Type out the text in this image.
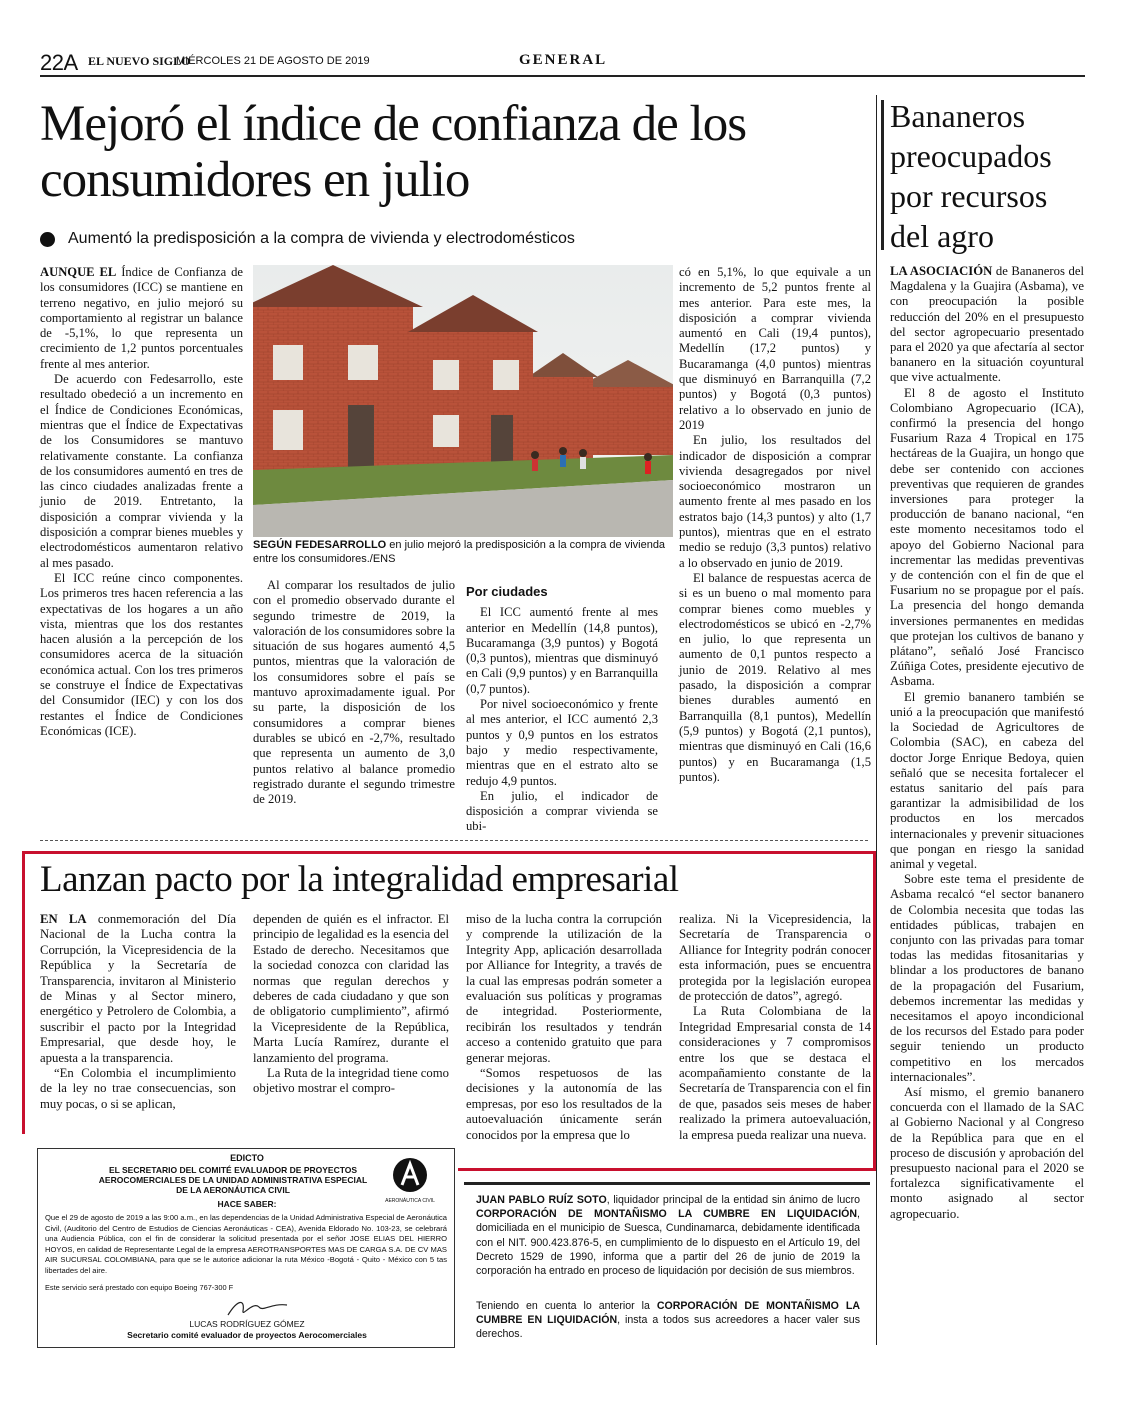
22A EL NUEVO SIGLO
MIÉRCOLES 21 DE AGOSTO DE 2019	GENERAL
Mejoró el índice de confianza de los consumidores en julio
Aumentó la predisposición a la compra de vivienda y electrodomésticos

AUNQUE EL Índice de Confianza de los consumidores (ICC) se mantiene en terreno negativo, en julio mejoró su comportamiento al registrar un balance de -5,1%, lo que representa un crecimiento de 1,2 puntos porcentuales frente al mes anterior.

De acuerdo con Fedesarrollo, este resultado obedeció a un incremento en el Índice de Condiciones Económicas, mientras que el Índice de Expectativas de los Consumidores se mantuvo relativamente constante. La confianza de los consumidores aumentó en tres de las cinco ciudades analizadas frente a junio de 2019. Entretanto, la disposición a comprar vivienda y la disposición a comprar bienes muebles y electrodomésticos aumentaron relativo al mes pasado.

El ICC reúne cinco componentes. Los primeros tres hacen referencia a las expectativas de los hogares a un año vista, mientras que los dos restantes hacen alusión a la percepción de los consumidores acerca de la situación económica actual. Con los tres primeros se construye el Índice de Expectativas del Consumidor (IEC) y con los dos restantes el Índice de Condiciones Económicas (ICE).

SEGÚN FEDESARROLLO en julio mejoró la predisposición a la compra de vivienda entre los consumidores./ENS

Al comparar los resultados de julio con el promedio observado durante el segundo trimestre de 2019, la valoración de los consumidores sobre la situación de sus hogares aumentó 4,5 puntos, mientras que la valoración de los consumidores sobre el país se mantuvo aproximadamente igual. Por su parte, la disposición de los consumidores a comprar bienes durables se ubicó en -2,7%, resultado que representa un aumento de 3,0 puntos relativo al balance promedio registrado durante el segundo trimestre de 2019.

Por ciudades

El ICC aumentó frente al mes anterior en Medellín (14,8 puntos), Bucaramanga (3,9 puntos) y Bogotá (0,3 puntos), mientras que disminuyó en Cali (9,9 puntos) y en Barranquilla (0,7 puntos).

Por nivel socioeconómico y frente al mes anterior, el ICC aumentó 2,3 puntos y 0,9 puntos en los estratos bajo y medio respectivamente, mientras que en el estrato alto se redujo 4,9 puntos.

En julio, el indicador de disposición a comprar vivienda se ubi-

có en 5,1%, lo que equivale a un incremento de 5,2 puntos frente al mes anterior. Para este mes, la disposición a comprar vivienda aumentó en Cali (19,4 puntos), Medellín (17,2 puntos) y Bucaramanga (4,0 puntos) mientras que disminuyó en Barranquilla (7,2 puntos) y Bogotá (0,3 puntos) relativo a lo observado en junio de 2019

En julio, los resultados del indicador de disposición a comprar vivienda desagregados por nivel socioeconómico mostraron un aumento frente al mes pasado en los estratos bajo (14,3 puntos) y alto (1,7 puntos), mientras que en el estrato medio se redujo (3,3 puntos) relativo a lo observado en junio de 2019.

El balance de respuestas acerca de si es un bueno o mal momento para comprar bienes como muebles y electrodomésticos se ubicó en -2,7% en julio, lo que representa un aumento de 0,1 puntos respecto a junio de 2019. Relativo al mes pasado, la disposición a comprar bienes durables aumentó en Barranquilla (8,1 puntos), Medellín (5,9 puntos) y Bogotá (2,1 puntos), mientras que disminuyó en Cali (16,6 puntos) y en Bucaramanga (1,5 puntos).

Bananeros preocupados por recursos del agro

LA ASOCIACIÓN de Bananeros del Magdalena y la Guajira (Asbama), ve con preocupación la posible reducción del 20% en el presupuesto del sector agropecuario presentado para el 2020 ya que afectaría al sector bananero en la situación coyuntural que vive actualmente.

El 8 de agosto el Instituto Colombiano Agropecuario (ICA), confirmó la presencia del hongo Fusarium Raza 4 Tropical en 175 hectáreas de la Guajira, un hongo que debe ser contenido con acciones preventivas que requieren de grandes inversiones para proteger la producción de banano nacional, “en este momento necesitamos todo el apoyo del Gobierno Nacional para incrementar las medidas preventivas y de contención con el fin de que el Fusarium no se propague por el país. La presencia del hongo demanda inversiones permanentes en medidas que protejan los cultivos de banano y plátano”, señaló José Francisco Zúñiga Cotes, presidente ejecutivo de Asbama.

El gremio bananero también se unió a la preocupación que manifestó la Sociedad de Agricultores de Colombia (SAC), en cabeza del doctor Jorge Enrique Bedoya, quien señaló que se necesita fortalecer el estatus sanitario del país para garantizar la admisibilidad de los productos en los mercados internacionales y prevenir situaciones que pongan en riesgo la sanidad animal y vegetal.

Sobre este tema el presidente de Asbama recalcó “el sector bananero de Colombia necesita que todas las entidades públicas, trabajen en conjunto con las privadas para tomar todas las medidas fitosanitarias y blindar a los productores de banano de la propagación del Fusarium, debemos incrementar las medidas y necesitamos el apoyo incondicional de los recursos del Estado para poder seguir teniendo un producto competitivo en los mercados internacionales”.

Así mismo, el gremio bananero concuerda con el llamado de la SAC al Gobierno Nacional y al Congreso de la República para que en el proceso de discusión y aprobación del presupuesto nacional para el 2020 se fortalezca significativamente el monto asignado al sector agropecuario.

Lanzan pacto por la integralidad empresarial

EN LA conmemoración del Día Nacional de la Lucha contra la Corrupción, la Vicepresidencia de la República y la Secretaría de Transparencia, invitaron al Ministerio de Minas y al Sector minero, energético y Petrolero de Colombia, a suscribir el pacto por la Integridad Empresarial, que desde hoy, le apuesta a la transparencia.

“En Colombia el incumplimiento de la ley no trae consecuencias, son muy pocas, o si se aplican,

dependen de quién es el infractor. El principio de legalidad es la esencia del Estado de derecho. Necesitamos que la sociedad conozca con claridad las normas que regulan derechos y deberes de cada ciudadano y que son de obligatorio cumplimiento”, afirmó la Vicepresidente de la República, Marta Lucía Ramírez, durante el lanzamiento del programa.

La Ruta de la integridad tiene como objetivo mostrar el compro-

miso de la lucha contra la corrupción y comprende la utilización de la Integrity App, aplicación desarrollada por Alliance for Integrity, a través de la cual las empresas podrán someter a evaluación sus políticas y programas de integridad. Posteriormente, recibirán los resultados y tendrán acceso a contenido gratuito que para generar mejoras.

“Somos respetuosos de las decisiones y la autonomía de las empresas, por eso los resultados de la autoevaluación únicamente serán conocidos por la empresa que lo

realiza. Ni la Vicepresidencia, la Secretaría de Transparencia o Alliance for Integrity podrán conocer esta información, pues se encuentra protegida por la legislación europea de protección de datos”, agregó.

La Ruta Colombiana de la Integridad Empresarial consta de 14 consideraciones y 7 compromisos entre los que se destaca el acompañamiento constante de la Secretaría de Transparencia con el fin de que, pasados seis meses de haber realizado la primera autoevaluación, la empresa pueda realizar una nueva.

EDICTO
EL SECRETARIO DEL COMITÉ EVALUADOR DE PROYECTOS AEROCOMERCIALES DE LA UNIDAD ADMINISTRATIVA ESPECIAL DE LA AERONÁUTICA CIVIL
AERONÁUTICA CIVIL
HACE SABER:
Que el 29 de agosto de 2019 a las 9:00 a.m., en las dependencias de la Unidad Administrativa Especial de Aeronáutica Civil, (Auditorio del Centro de Estudios de Ciencias Aeronáuticas - CEA), Avenida Eldorado No. 103-23, se celebrará una Audiencia Pública, con el fin de considerar la solicitud presentada por el señor JOSE ELIAS DEL HIERRO HOYOS, en calidad de Representante Legal de la empresa AEROTRANSPORTES MAS DE CARGA S.A. DE CV MAS AIR SUCURSAL COLOMBIANA, para que se le autorice adicionar la ruta México -Bogotá - Quito - México con 5 tas libertades del aire.
Este servicio será prestado con equipo Boeing 767-300 F
LUCAS RODRÍGUEZ GÓMEZ
Secretario comité evaluador de proyectos Aerocomerciales
JUAN PABLO RUÍZ SOTO, liquidador principal de la entidad sin ánimo de lucro CORPORACIÓN DE MONTAÑISMO LA CUMBRE EN LIQUIDACIÓN, domiciliada en el municipio de Suesca, Cundinamarca, debidamente identificada con el NIT. 900.423.876-5, en cumplimiento de lo dispuesto en el Artículo 19, del Decreto 1529 de 1990, informa que a partir del 26 de junio de 2019 la corporación ha entrado en proceso de liquidación por decisión de sus miembros.
Teniendo en cuenta lo anterior la CORPORACIÓN DE MONTAÑISMO LA CUMBRE EN LIQUIDACIÓN, insta a todos sus acreedores a hacer valer sus derechos.
